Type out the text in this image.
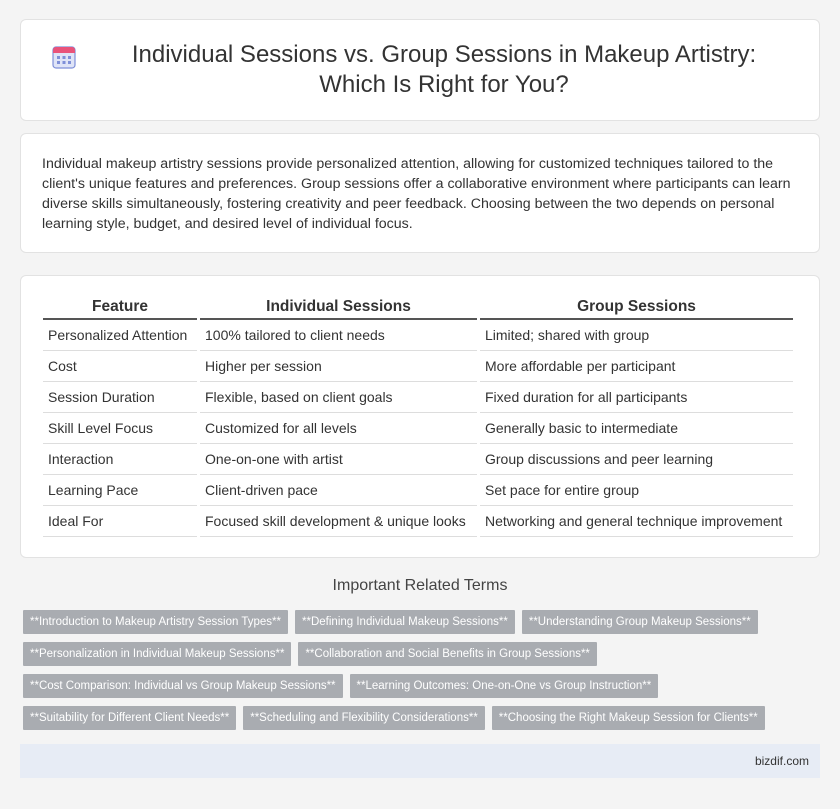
Individual Sessions vs. Group Sessions in Makeup Artistry: Which Is Right for You?

Individual makeup artistry sessions provide personalized attention, allowing for customized techniques tailored to the client's unique features and preferences. Group sessions offer a collaborative environment where participants can learn diverse skills simultaneously, fostering creativity and peer feedback. Choosing between the two depends on personal learning style, budget, and desired level of individual focus.

Feature	Individual Sessions	Group Sessions
Personalized Attention	100% tailored to client needs	Limited; shared with group
Cost	Higher per session	More affordable per participant
Session Duration	Flexible, based on client goals	Fixed duration for all participants
Skill Level Focus	Customized for all levels	Generally basic to intermediate
Interaction	One-on-one with artist	Group discussions and peer learning
Learning Pace	Client-driven pace	Set pace for entire group
Ideal For	Focused skill development & unique looks	Networking and general technique improvement
Important Related Terms
**Introduction to Makeup Artistry Session Types**	**Defining Individual Makeup Sessions**	**Understanding Group Makeup Sessions**
**Personalization in Individual Makeup Sessions**	**Collaboration and Social Benefits in Group Sessions**
**Cost Comparison: Individual vs Group Makeup Sessions**	**Learning Outcomes: One-on-One vs Group Instruction**
**Suitability for Different Client Needs**	**Scheduling and Flexibility Considerations**	**Choosing the Right Makeup Session for Clients**
bizdif.com
